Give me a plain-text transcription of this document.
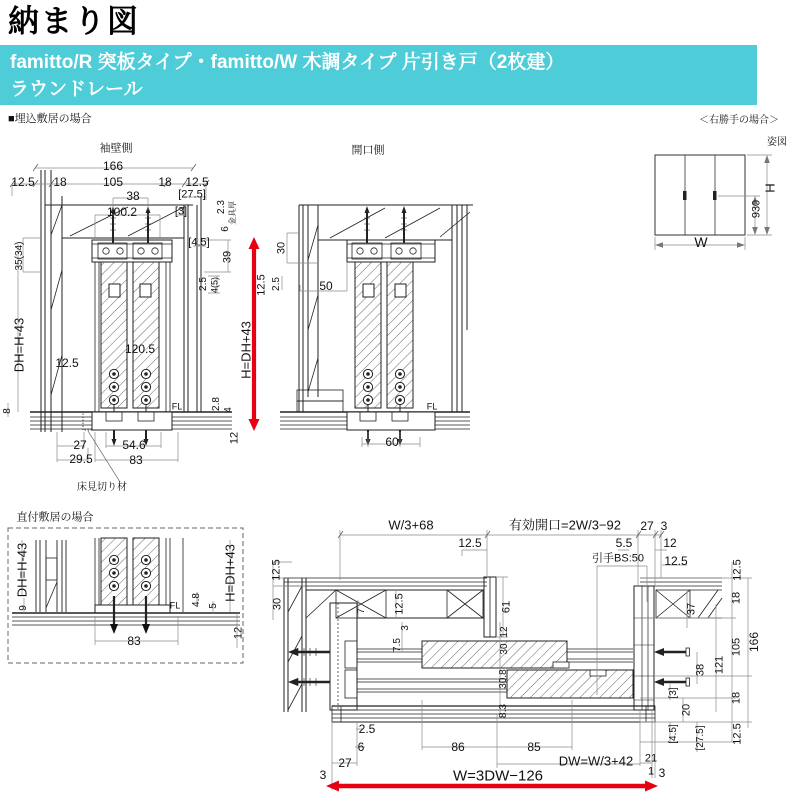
納まり図
famitto/R 突板タイプ・famitto/W 木調タイプ 片引き戸（2枚建）
ラウンドレール
■埋込敷居の場合
袖壁側
166
12.5 18	105	18 12.5
38	[27.5]
100.2	[3]	2.3 金具厚
6
[4.5]
39
2.5 4(5)	12.5
35(34)
DH=H-43 12.5
120.5
8	FL	2.8 4
H=DH+43
12
27	54.6
29.5	83
床見切り材
開口側
30
2.5	50
FL
60
＜右勝手の場合＞
姿図
H
930
W
直付敷居の場合
DH=H-43
9	FL 4.8 5
H=DH+43
12
83
W/3+68
12.5
有効開口=2W/3−92 27 3
5.5	12
引手BS:50 12.5
12.5
30
7 12.5
3
7.5
61
12
30
30.8
8.3
2.5
6
27
86	85
DW=W/3+42 21
1
W=3DW−126
3	3
12.5
18
37
105 166
38 121
[3]
20
18
[4.5] [27.5] 12.5
